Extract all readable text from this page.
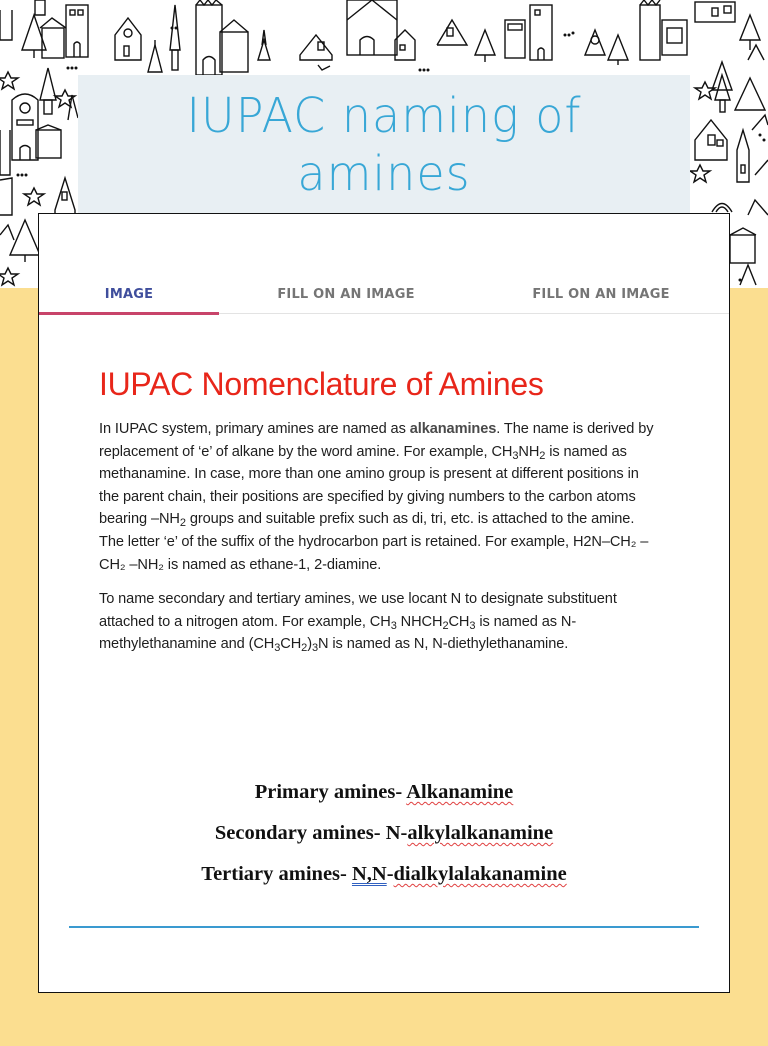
IUPAC naming of
amines
IMAGE	FILL ON AN IMAGE	FILL ON AN IMAGE
IUPAC Nomenclature of Amines
In IUPAC system, primary amines are named as alkanamines. The name is derived by replacement of ‘e’ of alkane by the word amine. For example, $CH_3NH_2$ is named as methanamine. In case, more than one amino group is present at different positions in the parent chain, their positions are specified by giving numbers to the carbon atoms bearing $-NH_2$ groups and suitable prefix such as di, tri, etc. is attached to the amine. The letter ‘e’ of the suffix of the hydrocarbon part is retained. For example, H2N–CH₂ –CH₂ –NH₂ is named as ethane-1, 2-diamine.
To name secondary and tertiary amines, we use locant N to designate substituent attached to a nitrogen atom. For example, $CH_3$ $NHCH_2CH_3$ is named as N-methylethanamine and $(CH_3CH_2)_3N$ is named as N, N-diethylethanamine.
Primary amines- Alkanamine
Secondary amines- N-alkylalkanamine
Tertiary amines- N,N-dialkylalakanamine
